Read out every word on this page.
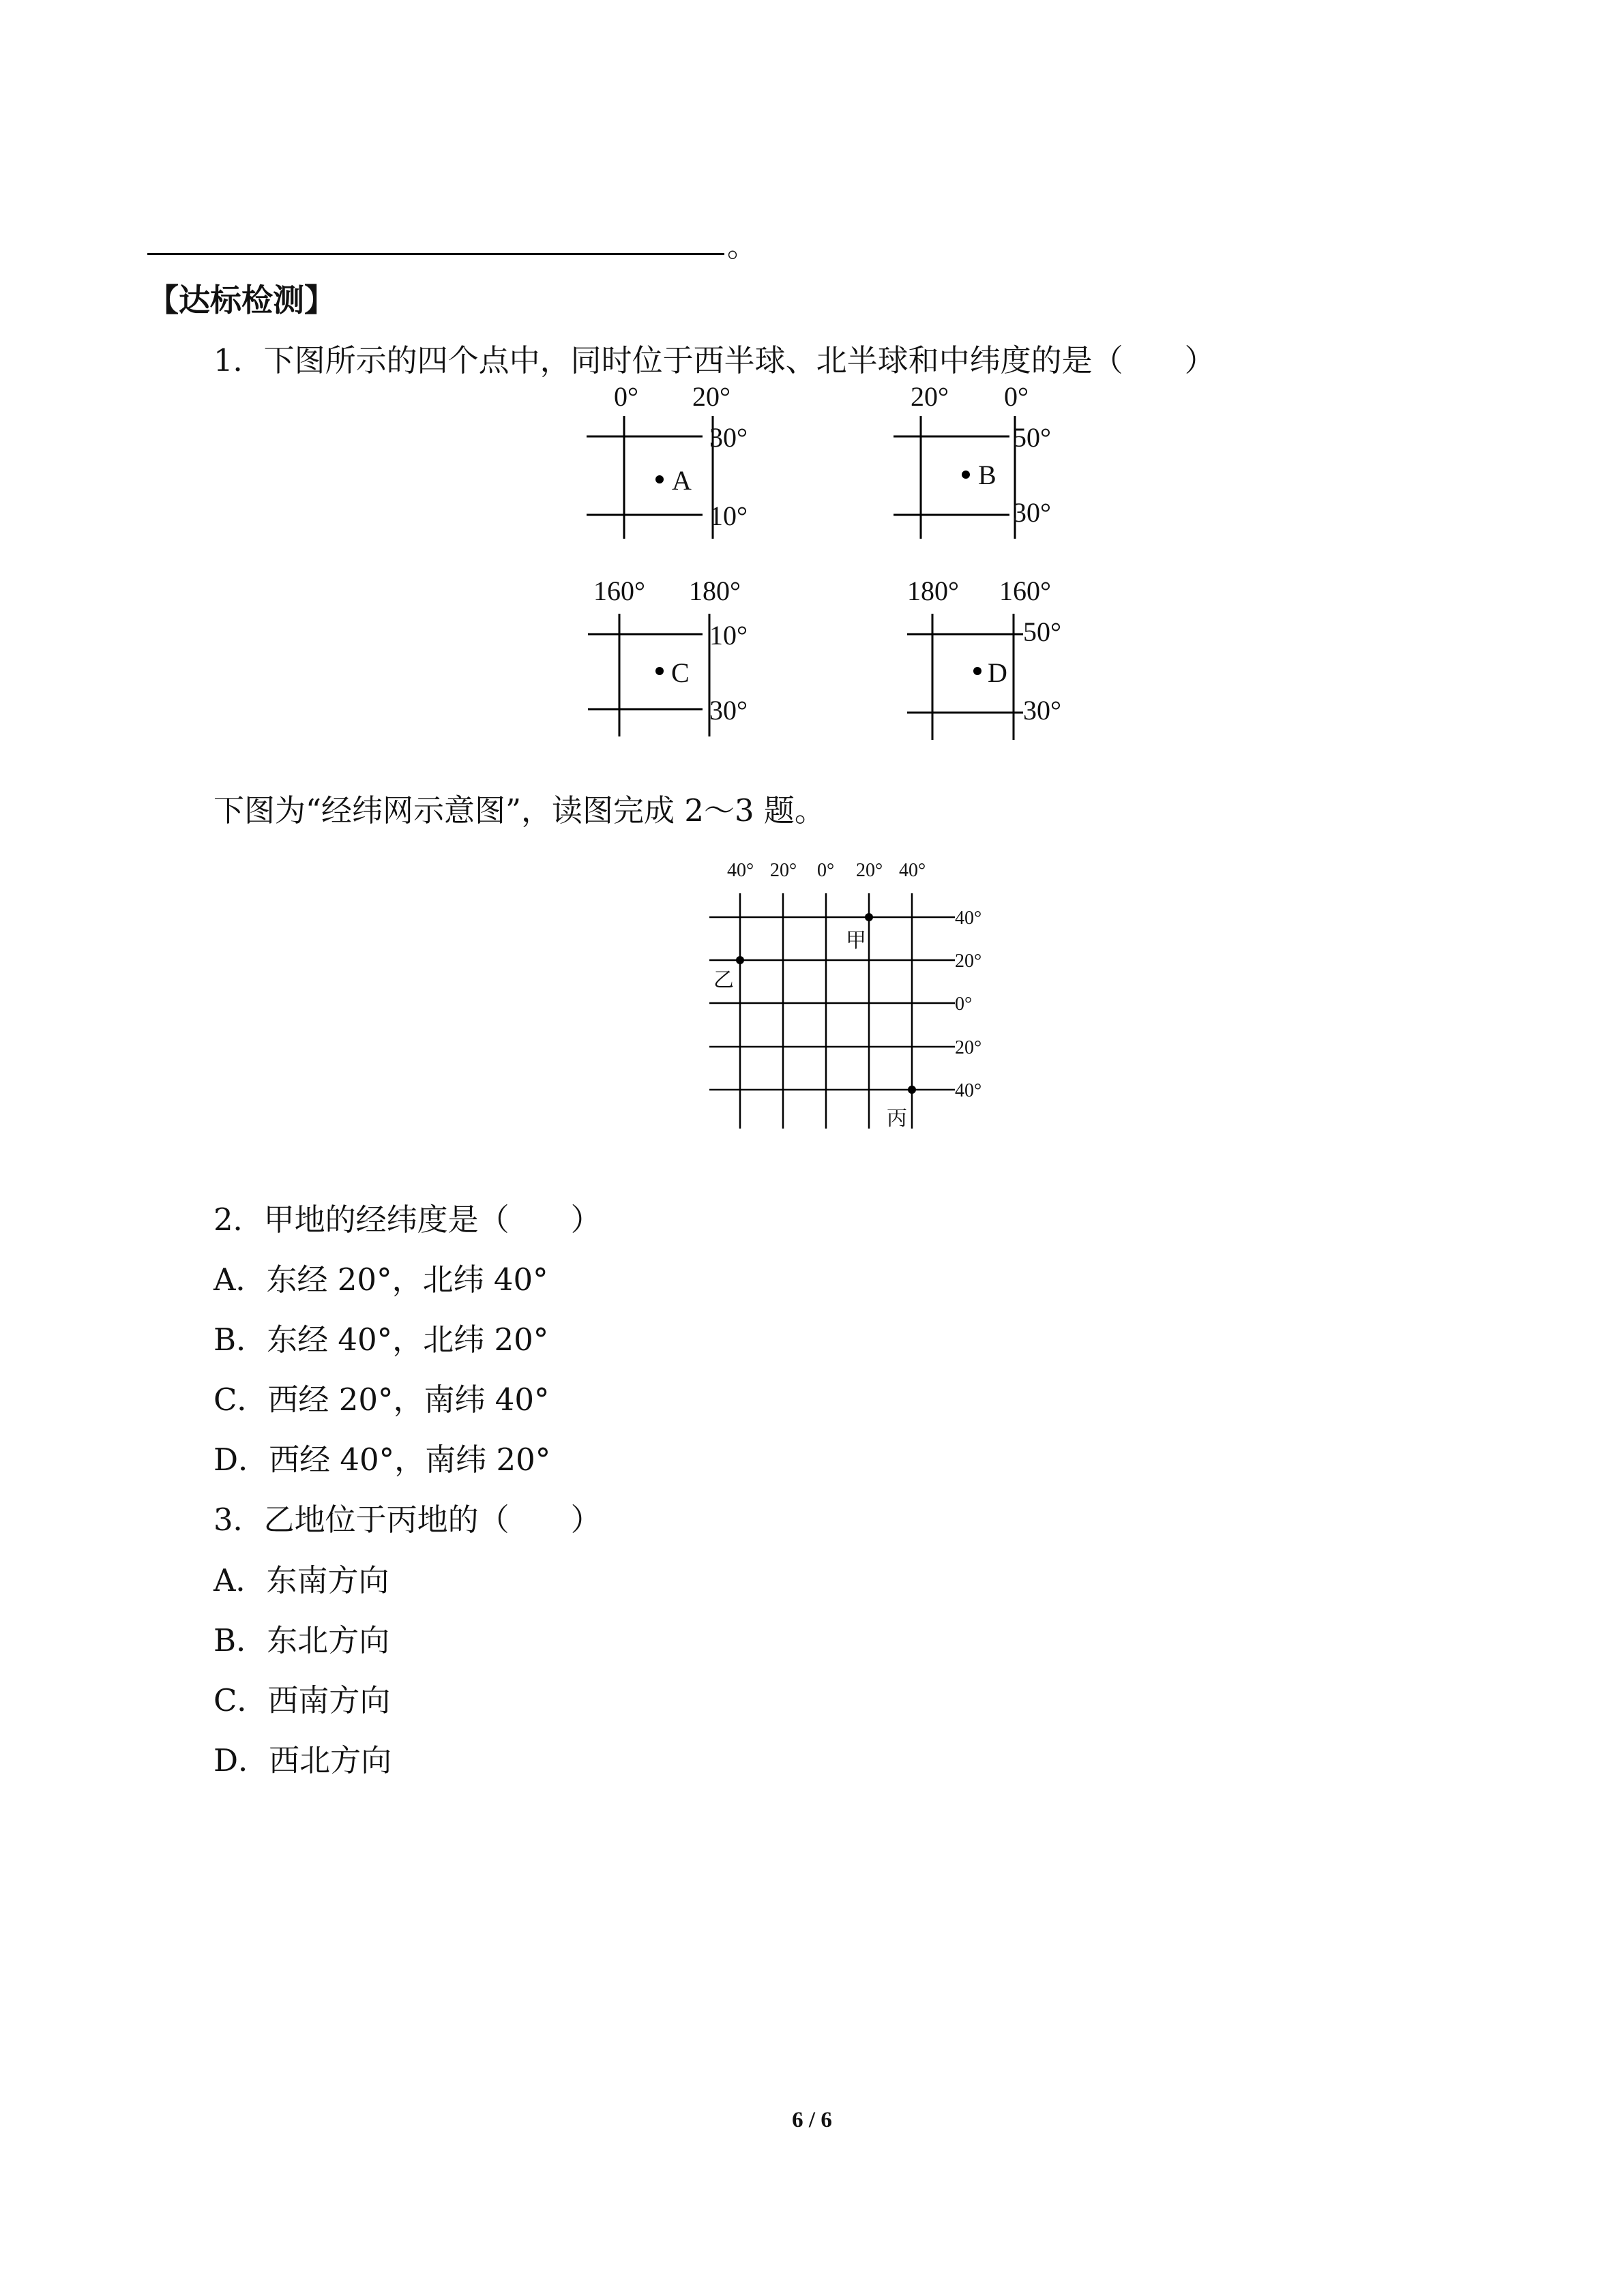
。
【达标检测】
1．下图所示的四个点中，同时位于西半球、北半球和中纬度的是（　　）
0° 20°
30°
10°
A
20° 0°
50°
30°
B
160° 180°
10°
30°
C
180° 160°
50°
30°
D
下图为“经纬网示意图”，读图完成 2～3 题。
40° 20° 0° 20° 40°
40°
20°
0°
20°
40°
甲
乙
丙
2．甲地的经纬度是（　　）
A．东经 20°，北纬 40°
B．东经 40°，北纬 20°
C．西经 20°，南纬 40°
D．西经 40°，南纬 20°
3．乙地位于丙地的（　　）
A．东南方向
B．东北方向
C．西南方向
D．西北方向
6 / 6
